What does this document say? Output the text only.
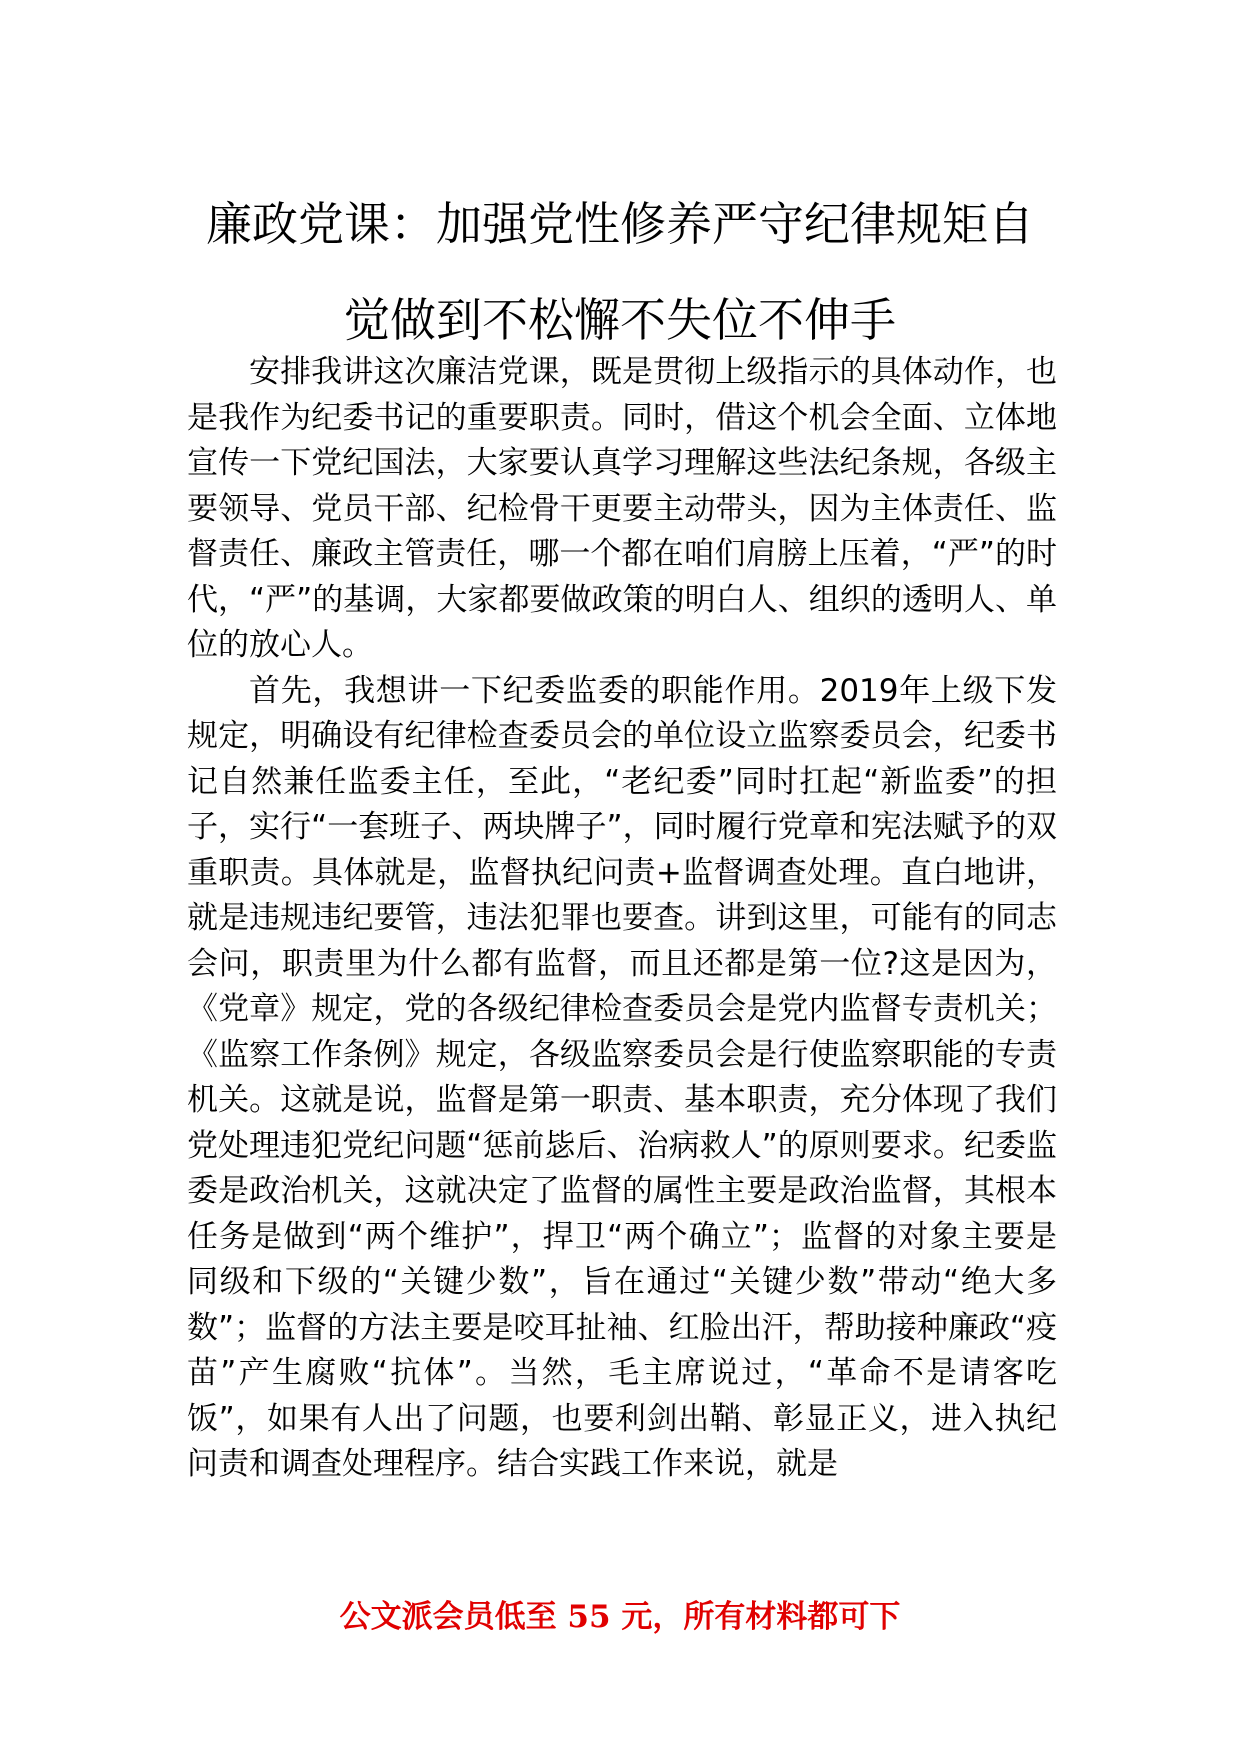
廉政党课：加强党性修养严守纪律规矩自
觉做到不松懈不失位不伸手

安排我讲这次廉洁党课，既是贯彻上级指示的具体动作，也是我作为纪委书记的重要职责。同时，借这个机会全面、立体地宣传一下党纪国法，大家要认真学习理解这些法纪条规，各级主要领导、党员干部、纪检骨干更要主动带头，因为主体责任、监督责任、廉政主管责任，哪一个都在咱们肩膀上压着，“严”的时代，“严”的基调，大家都要做政策的明白人、组织的透明人、单位的放心人。

首先，我想讲一下纪委监委的职能作用。2019年上级下发规定，明确设有纪律检查委员会的单位设立监察委员会，纪委书记自然兼任监委主任，至此，“老纪委”同时扛起“新监委”的担子，实行“一套班子、两块牌子”，同时履行党章和宪法赋予的双重职责。具体就是，监督执纪问责+监督调查处理。直白地讲，就是违规违纪要管，违法犯罪也要查。讲到这里，可能有的同志会问，职责里为什么都有监督，而且还都是第一位?这是因为，《党章》规定，党的各级纪律检查委员会是党内监督专责机关；《监察工作条例》规定，各级监察委员会是行使监察职能的专责机关。这就是说，监督是第一职责、基本职责，充分体现了我们党处理违犯党纪问题“惩前毖后、治病救人”的原则要求。纪委监委是政治机关，这就决定了监督的属性主要是政治监督，其根本任务是做到“两个维护”，捍卫“两个确立”；监督的对象主要是同级和下级的“关键少数”，旨在通过“关键少数”带动“绝大多数”；监督的方法主要是咬耳扯袖、红脸出汗，帮助接种廉政“疫苗”产生腐败“抗体”。当然，毛主席说过，“革命不是请客吃饭”，如果有人出了问题，也要利剑出鞘、彰显正义，进入执纪问责和调查处理程序。结合实践工作来说，就是

公文派会员低至 55 元，所有材料都可下
